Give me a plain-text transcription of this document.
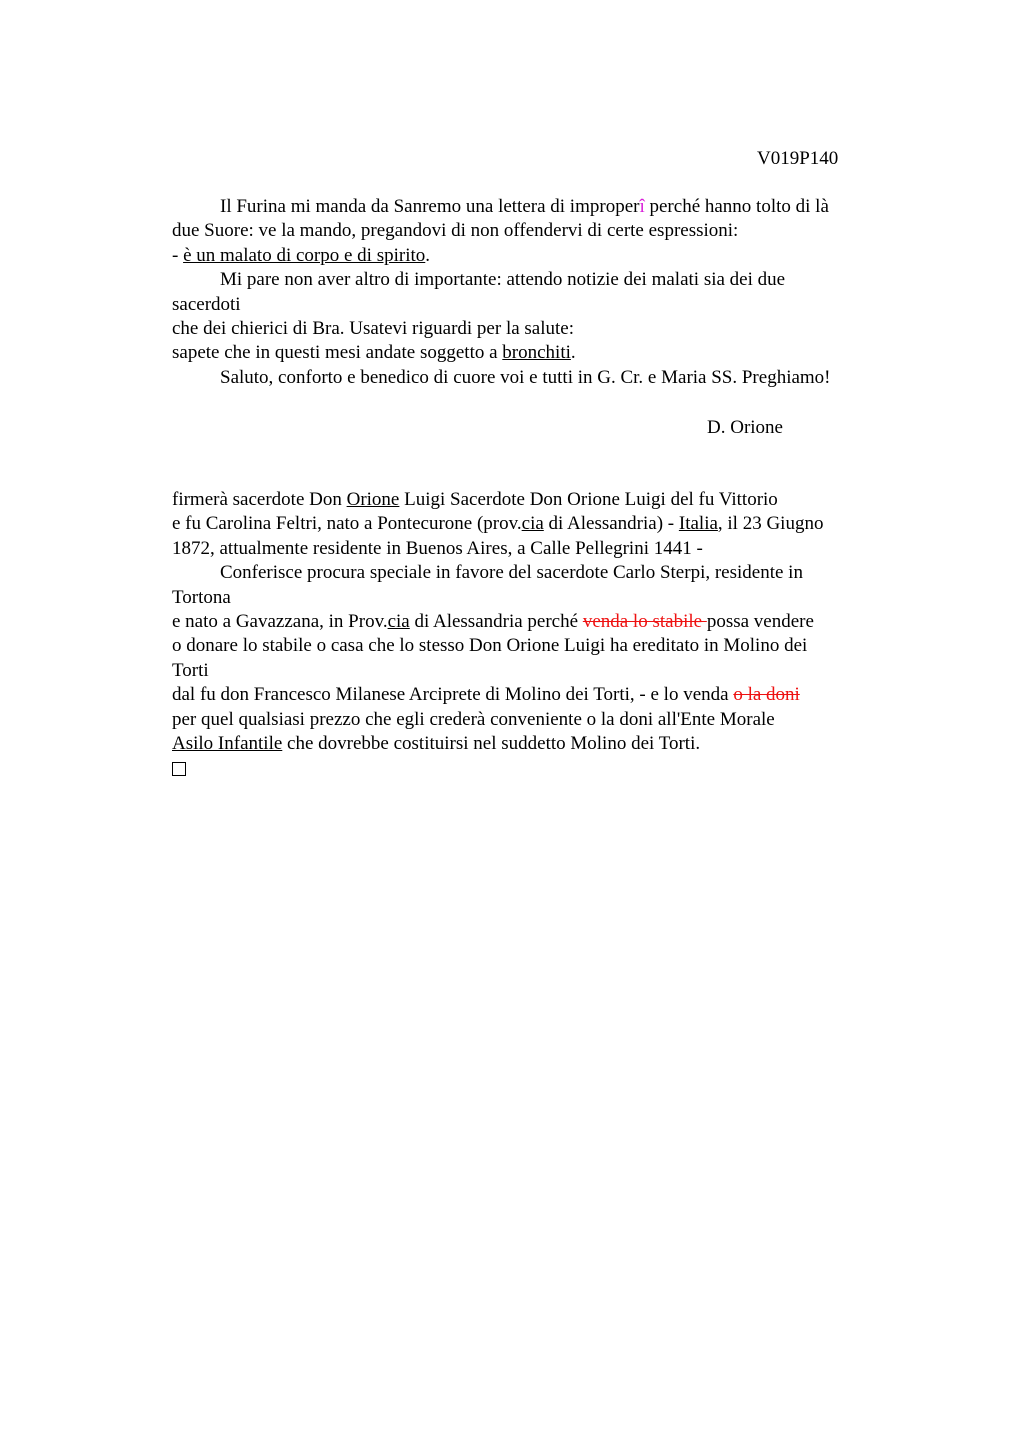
V019P140
Il Furina mi manda da Sanremo una lettera di improperî perché hanno tolto di là
due Suore: ve la mando, pregandovi di non offendervi di certe espressioni:
- è un malato di corpo e di spirito.
Mi pare non aver altro di importante: attendo notizie dei malati sia dei due
sacerdoti
che dei chierici di Bra. Usatevi riguardi per la salute:
sapete che in questi mesi andate soggetto a bronchiti.
Saluto, conforto e benedico di cuore voi e tutti in G. Cr. e Maria SS. Preghiamo!
D. Orione
firmerà sacerdote Don Orione Luigi Sacerdote Don Orione Luigi del fu Vittorio
e fu Carolina Feltri, nato a Pontecurone (prov.cia di Alessandria) - Italia, il 23 Giugno
1872, attualmente residente in Buenos Aires, a Calle Pellegrini 1441 -
Conferisce procura speciale in favore del sacerdote Carlo Sterpi, residente in
Tortona
e nato a Gavazzana, in Prov.cia di Alessandria perché venda lo stabile possa vendere
o donare lo stabile o casa che lo stesso Don Orione Luigi ha ereditato in Molino dei
Torti
dal fu don Francesco Milanese Arciprete di Molino dei Torti, - e lo venda o la doni
per quel qualsiasi prezzo che egli crederà conveniente o la doni all'Ente Morale
Asilo Infantile che dovrebbe costituirsi nel suddetto Molino dei Torti.
